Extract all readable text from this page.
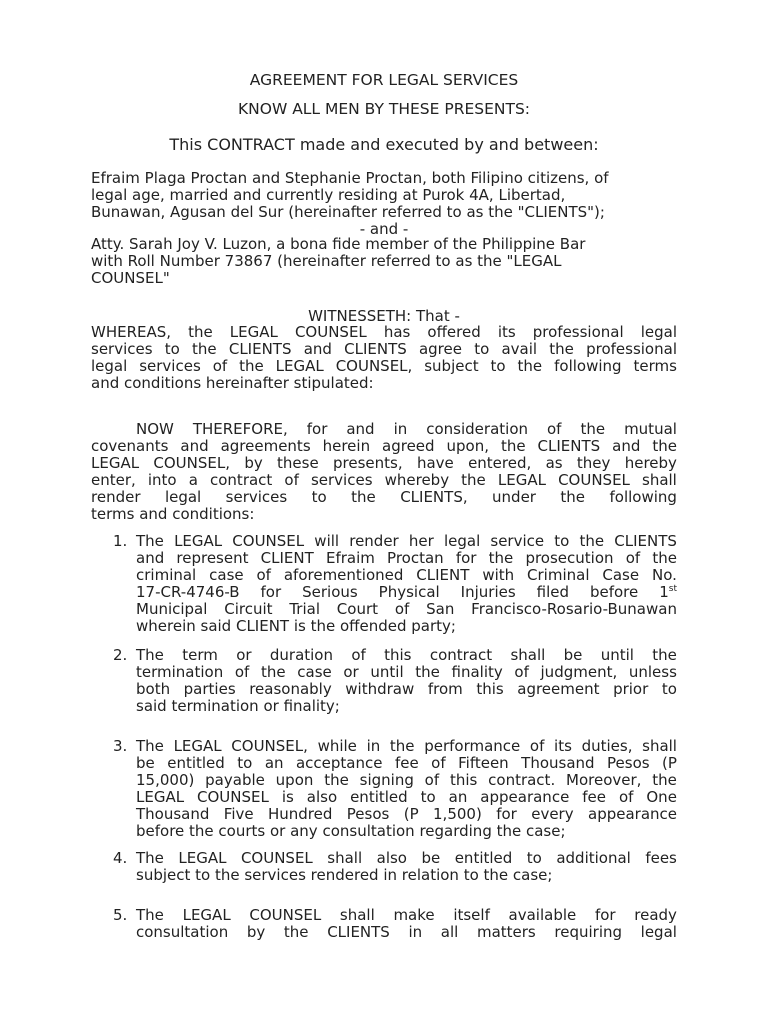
AGREEMENT FOR LEGAL SERVICES
KNOW ALL MEN BY THESE PRESENTS:
This CONTRACT made and executed by and between:
Efraim Plaga Proctan and Stephanie Proctan, both Filipino citizens, of
legal age, married and currently residing at Purok 4A, Libertad,
Bunawan, Agusan del Sur (hereinafter referred to as the "CLIENTS");
- and -
Atty. Sarah Joy V. Luzon, a bona fide member of the Philippine Bar
with Roll Number 73867 (hereinafter referred to as the "LEGAL
COUNSEL"
WITNESSETH: That -
WHEREAS, the LEGAL COUNSEL has offered its professional legal
services to the CLIENTS and CLIENTS agree to avail the professional
legal services of the LEGAL COUNSEL, subject to the following terms
and conditions hereinafter stipulated:
NOW THEREFORE, for and in consideration of the mutual
covenants and agreements herein agreed upon, the CLIENTS and the
LEGAL COUNSEL, by these presents, have entered, as they hereby
enter, into a contract of services whereby the LEGAL COUNSEL shall
render legal services to the CLIENTS, under the following
terms and conditions:
1. The LEGAL COUNSEL will render her legal service to the CLIENTS
and represent CLIENT Efraim Proctan for the prosecution of the
criminal case of aforementioned CLIENT with Criminal Case No.
17-CR-4746-B for Serious Physical Injuries filed before 1st
Municipal Circuit Trial Court of San Francisco-Rosario-Bunawan
wherein said CLIENT is the offended party;
2. The term or duration of this contract shall be until the
termination of the case or until the finality of judgment, unless
both parties reasonably withdraw from this agreement prior to
said termination or finality;
3. The LEGAL COUNSEL, while in the performance of its duties, shall
be entitled to an acceptance fee of Fifteen Thousand Pesos (P
15,000) payable upon the signing of this contract. Moreover, the
LEGAL COUNSEL is also entitled to an appearance fee of One
Thousand Five Hundred Pesos (P 1,500) for every appearance
before the courts or any consultation regarding the case;
4. The LEGAL COUNSEL shall also be entitled to additional fees
subject to the services rendered in relation to the case;
5. The LEGAL COUNSEL shall make itself available for ready
consultation by the CLIENTS in all matters requiring legal
